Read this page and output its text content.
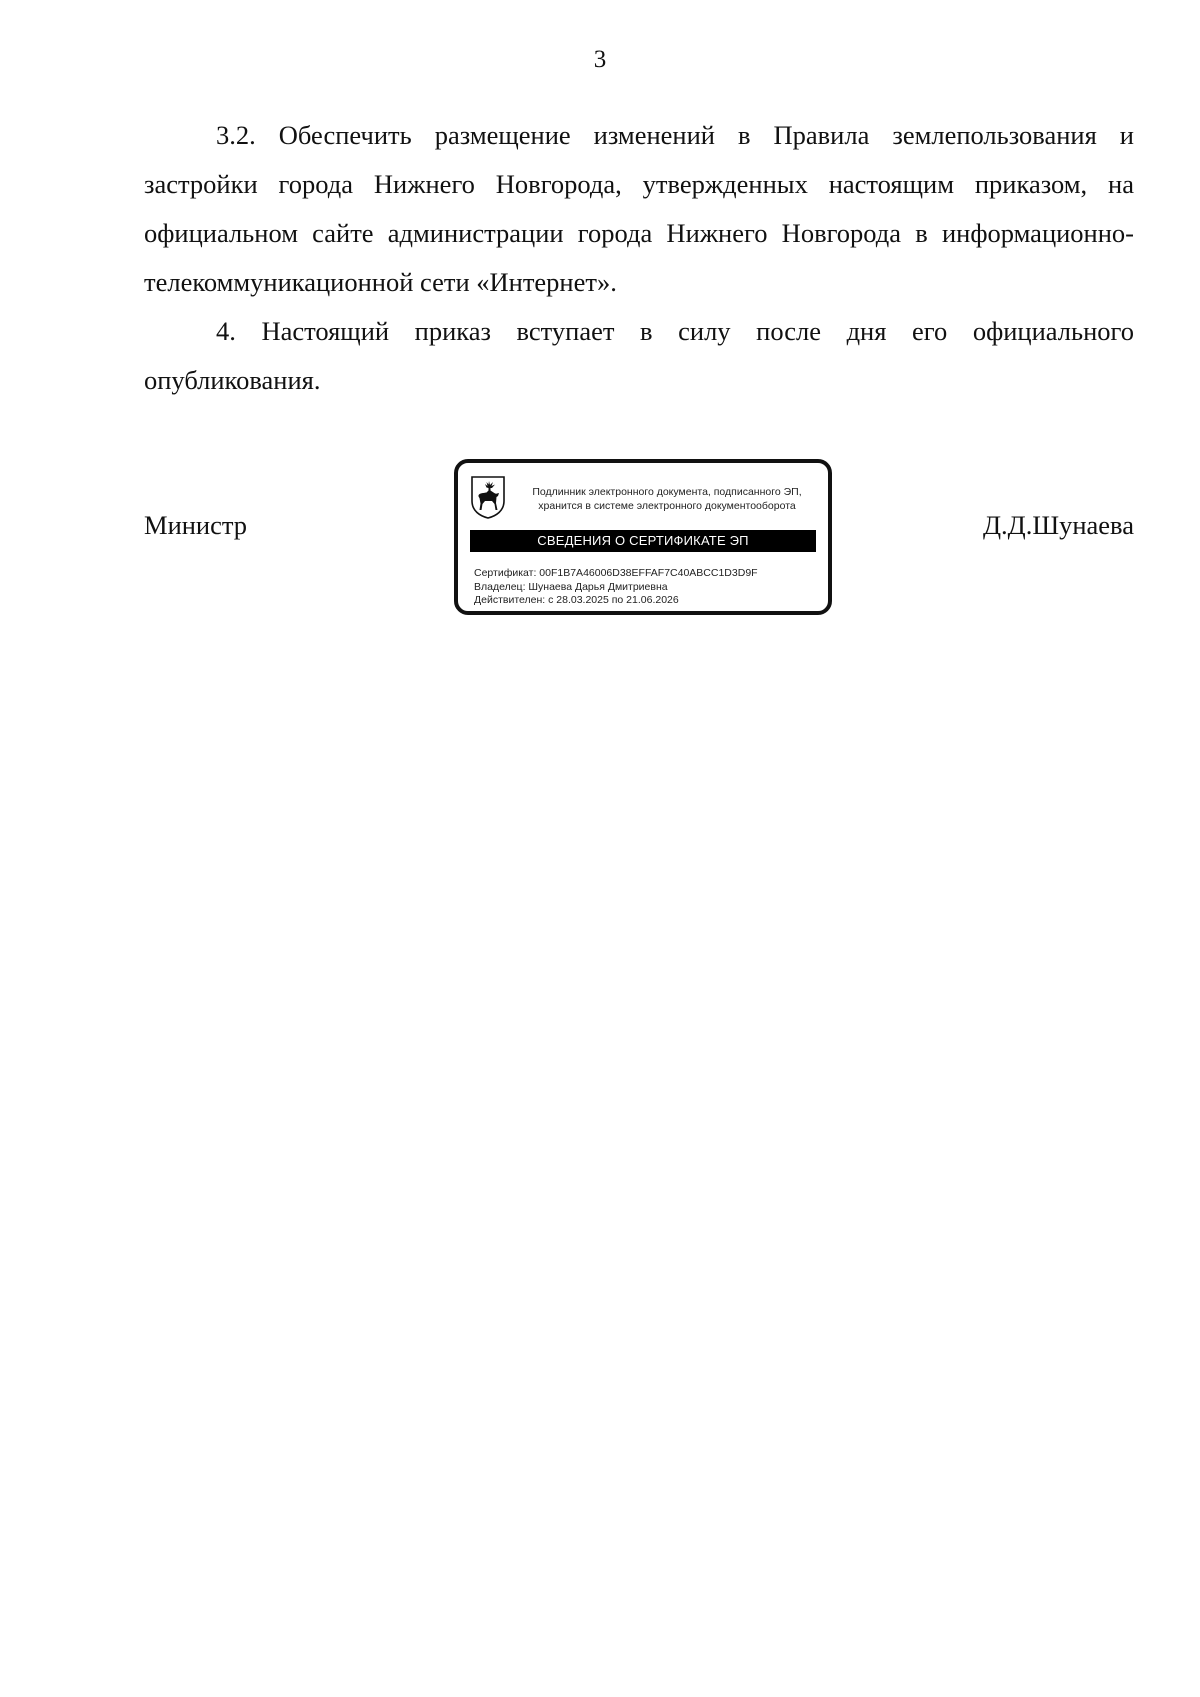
3

3.2. Обеспечить размещение изменений в Правила землепользования и застройки города Нижнего Новгорода, утвержденных настоящим приказом, на официальном сайте администрации города Нижнего Новгорода в информационно-телекоммуникационной сети «Интернет».

4. Настоящий приказ вступает в силу после дня его официального опубликования.

Министр	Д.Д.Шунаева
Подлинник электронного документа, подписанного ЭП,
хранится в системе электронного документооборота
СВЕДЕНИЯ О СЕРТИФИКАТЕ ЭП
Сертификат: 00F1B7A46006D38EFFAF7C40ABCC1D3D9F
Владелец: Шунаева Дарья Дмитриевна
Действителен: с 28.03.2025 по 21.06.2026
